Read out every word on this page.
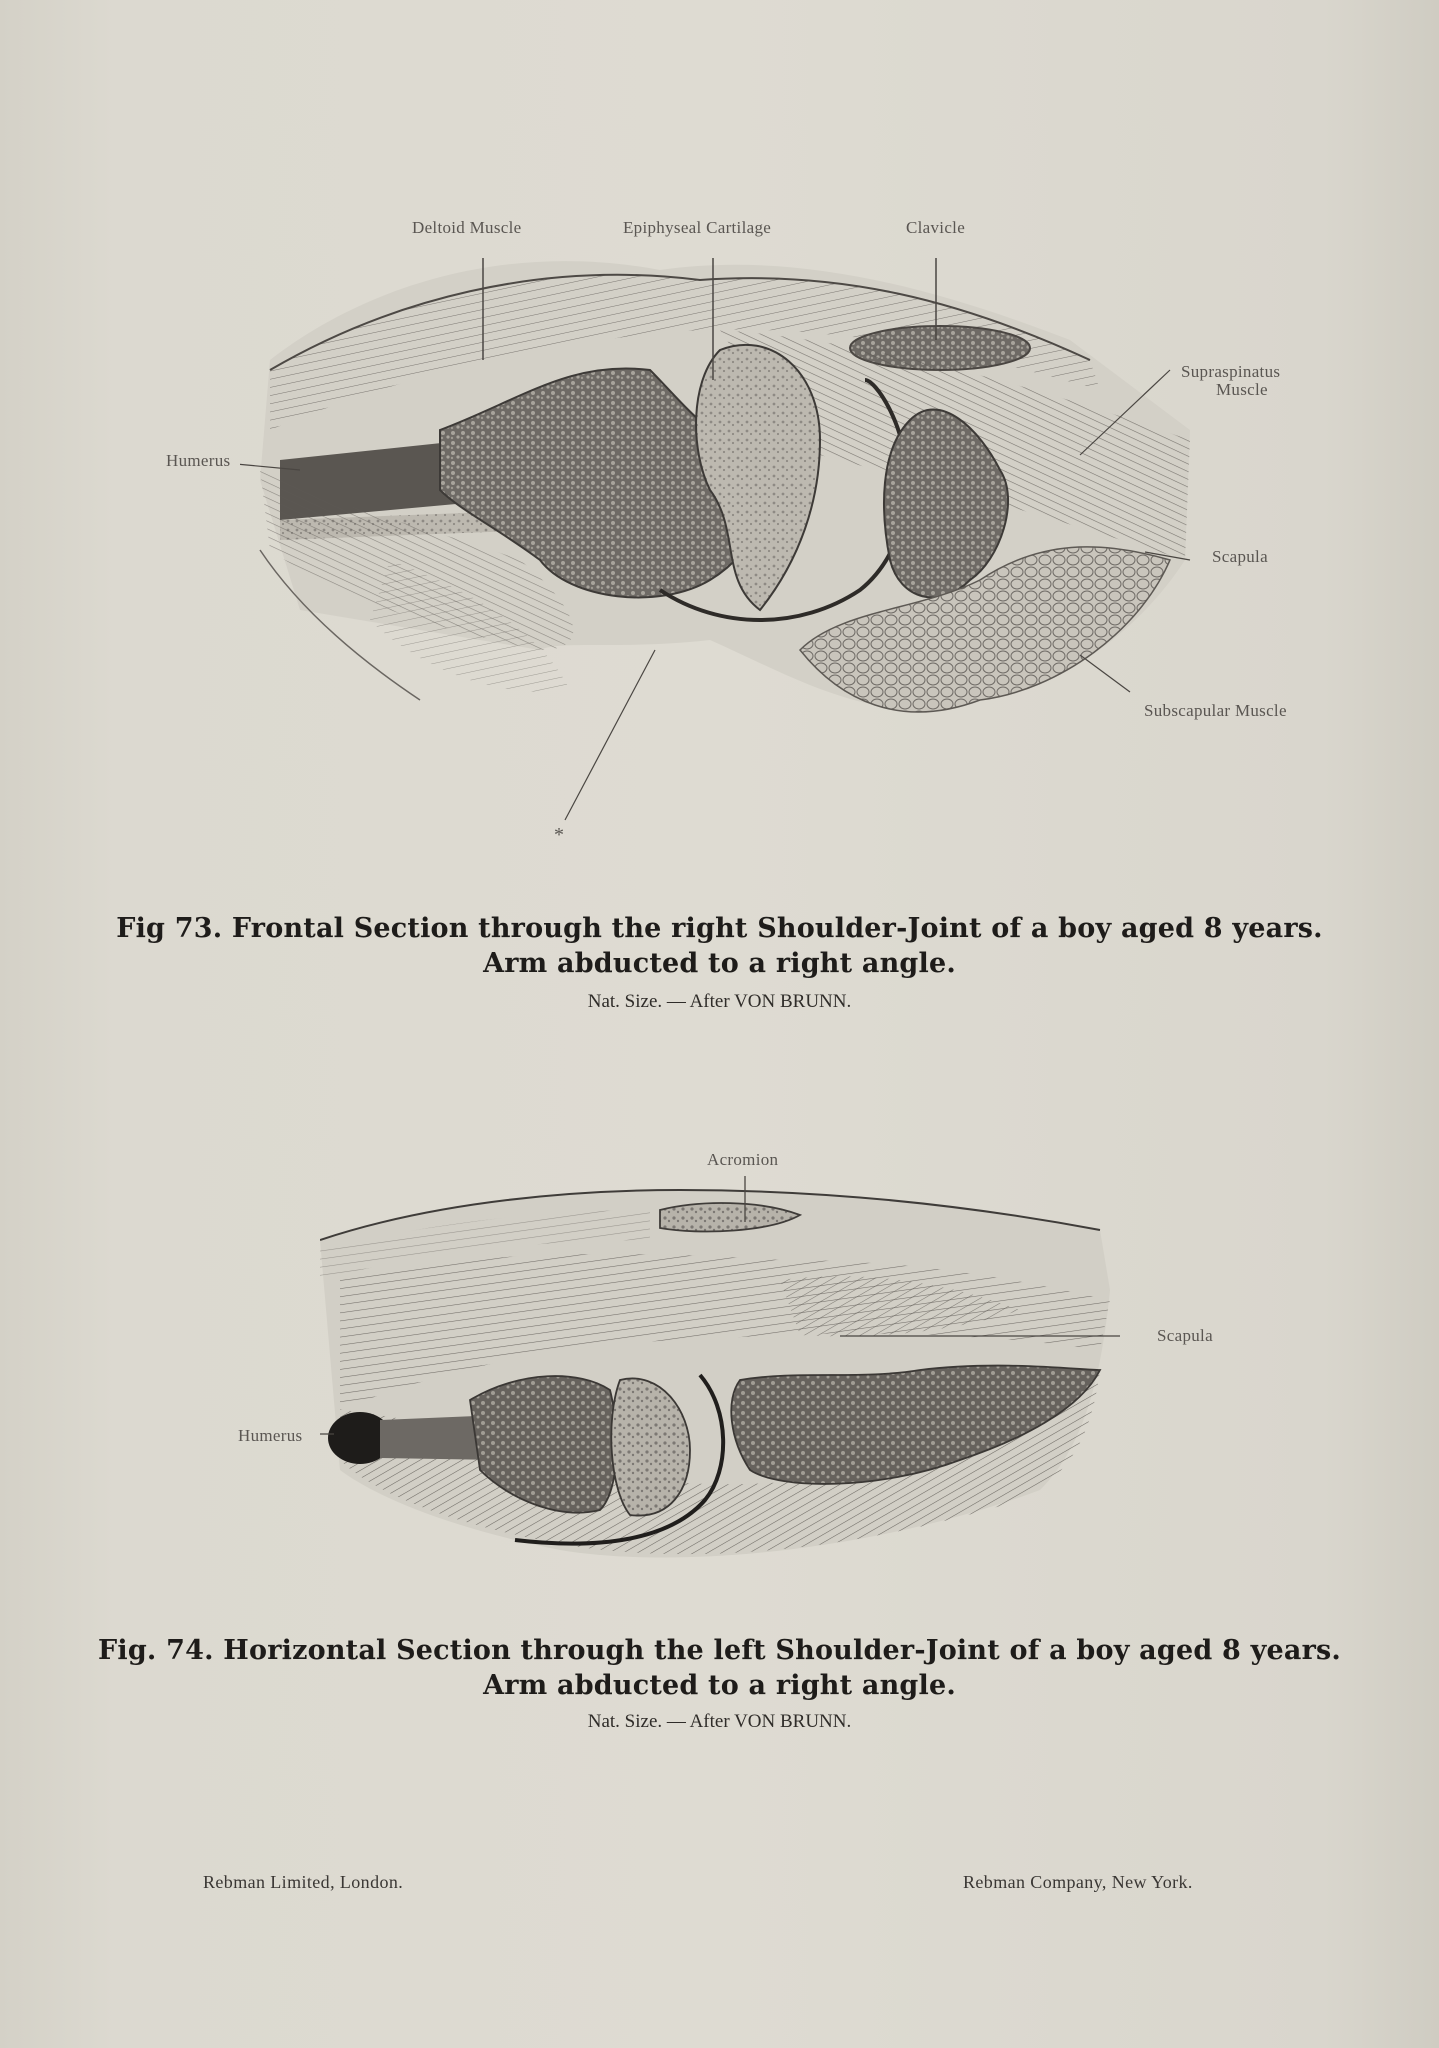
Deltoid Muscle	Epiphyseal Cartilage	Clavicle
Supraspinatus
Muscle
Humerus
Scapula
Subscapular Muscle
*
Fig 73. Frontal Section through the right Shoulder-Joint of a boy aged 8 years.
Arm abducted to a right angle.
Nat. Size. — After VON BRUNN.
Acromion
Scapula
Humerus
Fig. 74. Horizontal Section through the left Shoulder-Joint of a boy aged 8 years.
Arm abducted to a right angle.
Nat. Size. — After VON BRUNN.
Rebman Limited, London.	Rebman Company, New York.
